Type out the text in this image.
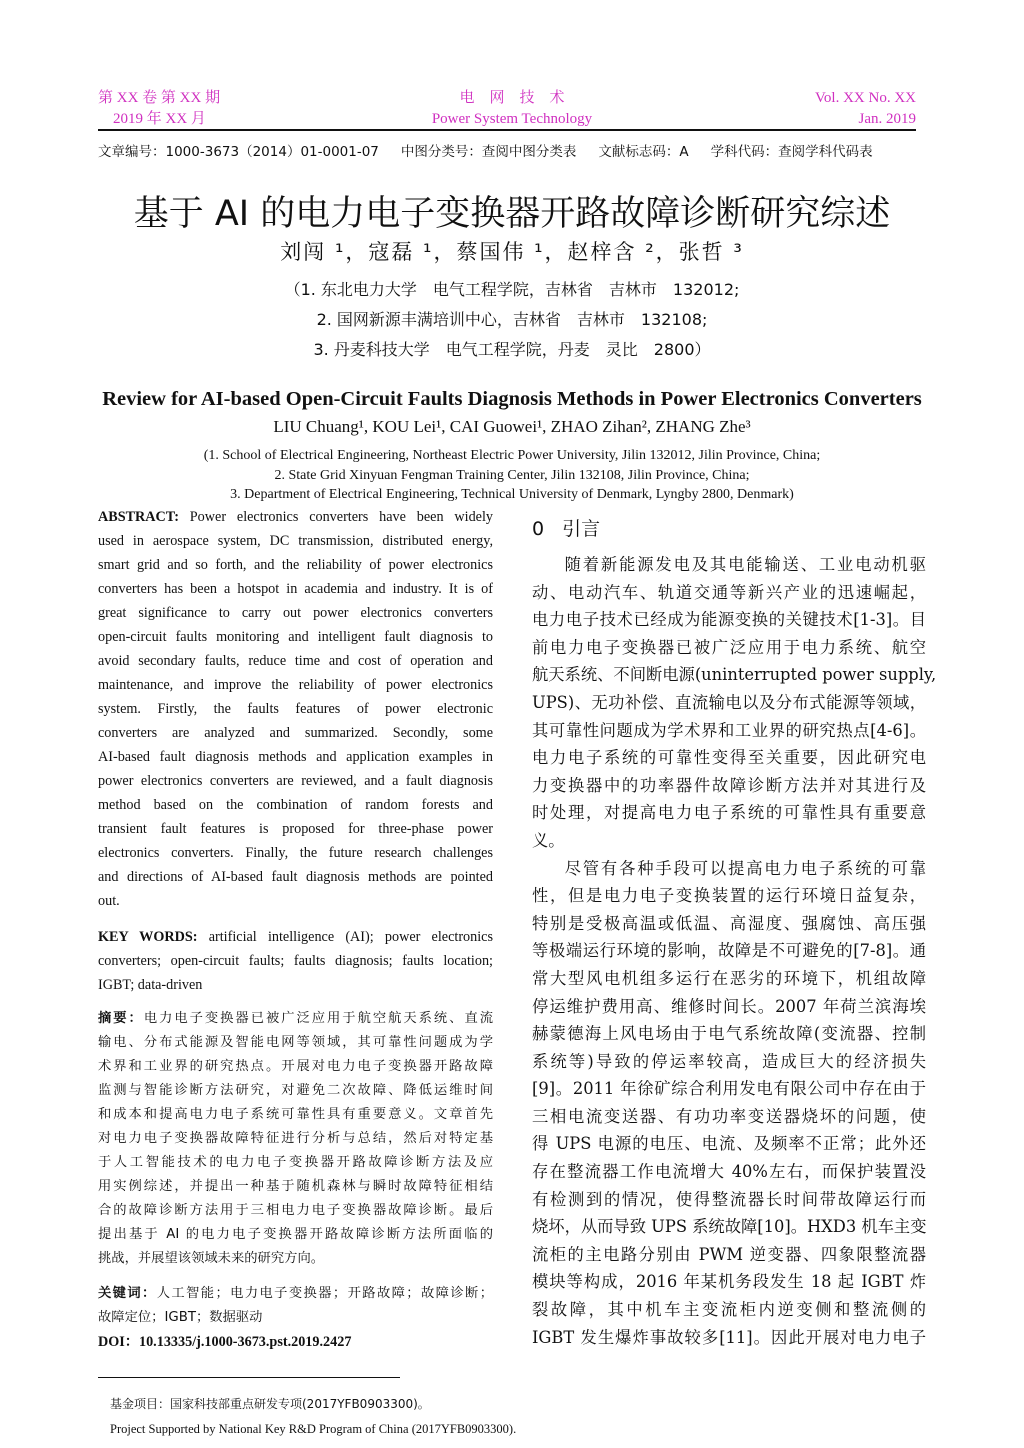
第 XX 卷 第 XX 期
2019 年 XX 月
电　网　技　术
Power System Technology
Vol. XX No. XX
Jan. 2019
文章编号：1000-3673（2014）01-0001-07 中图分类号：查阅中图分类表 文献标志码：A 学科代码：查阅学科代码表
基于 AI 的电力电子变换器开路故障诊断研究综述
刘闯 ¹，寇磊 ¹，蔡国伟 ¹，赵梓含 ²，张哲 ³
（1. 东北电力大学　电气工程学院，吉林省　吉林市　132012;
2. 国网新源丰满培训中心，吉林省　吉林市　132108;
3. 丹麦科技大学　电气工程学院，丹麦　灵比　2800）
Review for AI-based Open-Circuit Faults Diagnosis Methods in Power Electronics Converters
LIU Chuang¹, KOU Lei¹, CAI Guowei¹, ZHAO Zihan², ZHANG Zhe³
(1. School of Electrical Engineering, Northeast Electric Power University, Jilin 132012, Jilin Province, China;
2. State Grid Xinyuan Fengman Training Center, Jilin 132108, Jilin Province, China;
3. Department of Electrical Engineering, Technical University of Denmark, Lyngby 2800, Denmark)
ABSTRACT: Power electronics converters have been widely
used in aerospace system, DC transmission, distributed energy,
smart grid and so forth, and the reliability of power electronics
converters has been a hotspot in academia and industry. It is of
great significance to carry out power electronics converters
open-circuit faults monitoring and intelligent fault diagnosis to
avoid secondary faults, reduce time and cost of operation and
maintenance, and improve the reliability of power electronics
system. Firstly, the faults features of power electronic
converters are analyzed and summarized. Secondly, some
AI-based fault diagnosis methods and application examples in
power electronics converters are reviewed, and a fault diagnosis
method based on the combination of random forests and
transient fault features is proposed for three-phase power
electronics converters. Finally, the future research challenges
and directions of AI-based fault diagnosis methods are pointed
out.
KEY WORDS: artificial intelligence (AI); power electronics
converters; open-circuit faults; faults diagnosis; faults location;
IGBT; data-driven
摘要：电力电子变换器已被广泛应用于航空航天系统、直流
输电、分布式能源及智能电网等领域，其可靠性问题成为学
术界和工业界的研究热点。开展对电力电子变换器开路故障
监测与智能诊断方法研究，对避免二次故障、降低运维时间
和成本和提高电力电子系统可靠性具有重要意义。文章首先
对电力电子变换器故障特征进行分析与总结，然后对特定基
于人工智能技术的电力电子变换器开路故障诊断方法及应
用实例综述，并提出一种基于随机森林与瞬时故障特征相结
合的故障诊断方法用于三相电力电子变换器故障诊断。最后
提出基于 AI 的电力电子变换器开路故障诊断方法所面临的
挑战，并展望该领域未来的研究方向。
关键词：人工智能；电力电子变换器；开路故障；故障诊断；
故障定位；IGBT；数据驱动
DOI：10.13335/j.1000-3673.pst.2019.2427
0 引言
随着新能源发电及其电能输送、工业电动机驱
动、电动汽车、轨道交通等新兴产业的迅速崛起，
电力电子技术已经成为能源变换的关键技术[1-3]。目
前电力电子变换器已被广泛应用于电力系统、航空
航天系统、不间断电源(uninterrupted power supply,
UPS)、无功补偿、直流输电以及分布式能源等领域，
其可靠性问题成为学术界和工业界的研究热点[4-6]。
电力电子系统的可靠性变得至关重要，因此研究电
力变换器中的功率器件故障诊断方法并对其进行及
时处理，对提高电力电子系统的可靠性具有重要意
义。
尽管有各种手段可以提高电力电子系统的可靠
性，但是电力电子变换装置的运行环境日益复杂，
特别是受极高温或低温、高湿度、强腐蚀、高压强
等极端运行环境的影响，故障是不可避免的[7-8]。通
常大型风电机组多运行在恶劣的环境下，机组故障
停运维护费用高、维修时间长。2007 年荷兰滨海埃
赫蒙德海上风电场由于电气系统故障(变流器、控制
系统等)导致的停运率较高，造成巨大的经济损失
[9]。2011 年徐矿综合利用发电有限公司中存在由于
三相电流变送器、有功功率变送器烧坏的问题，使
得 UPS 电源的电压、电流、及频率不正常；此外还
存在整流器工作电流增大 40%左右，而保护装置没
有检测到的情况，使得整流器长时间带故障运行而
烧坏，从而导致 UPS 系统故障[10]。HXD3 机车主变
流柜的主电路分别由 PWM 逆变器、四象限整流器
模块等构成，2016 年某机务段发生 18 起 IGBT 炸
裂故障，其中机车主变流柜内逆变侧和整流侧的
IGBT 发生爆炸事故较多[11]。因此开展对电力电子
基金项目：国家科技部重点研发专项(2017YFB0903300)。
Project Supported by National Key R&D Program of China (2017YFB0903300).
